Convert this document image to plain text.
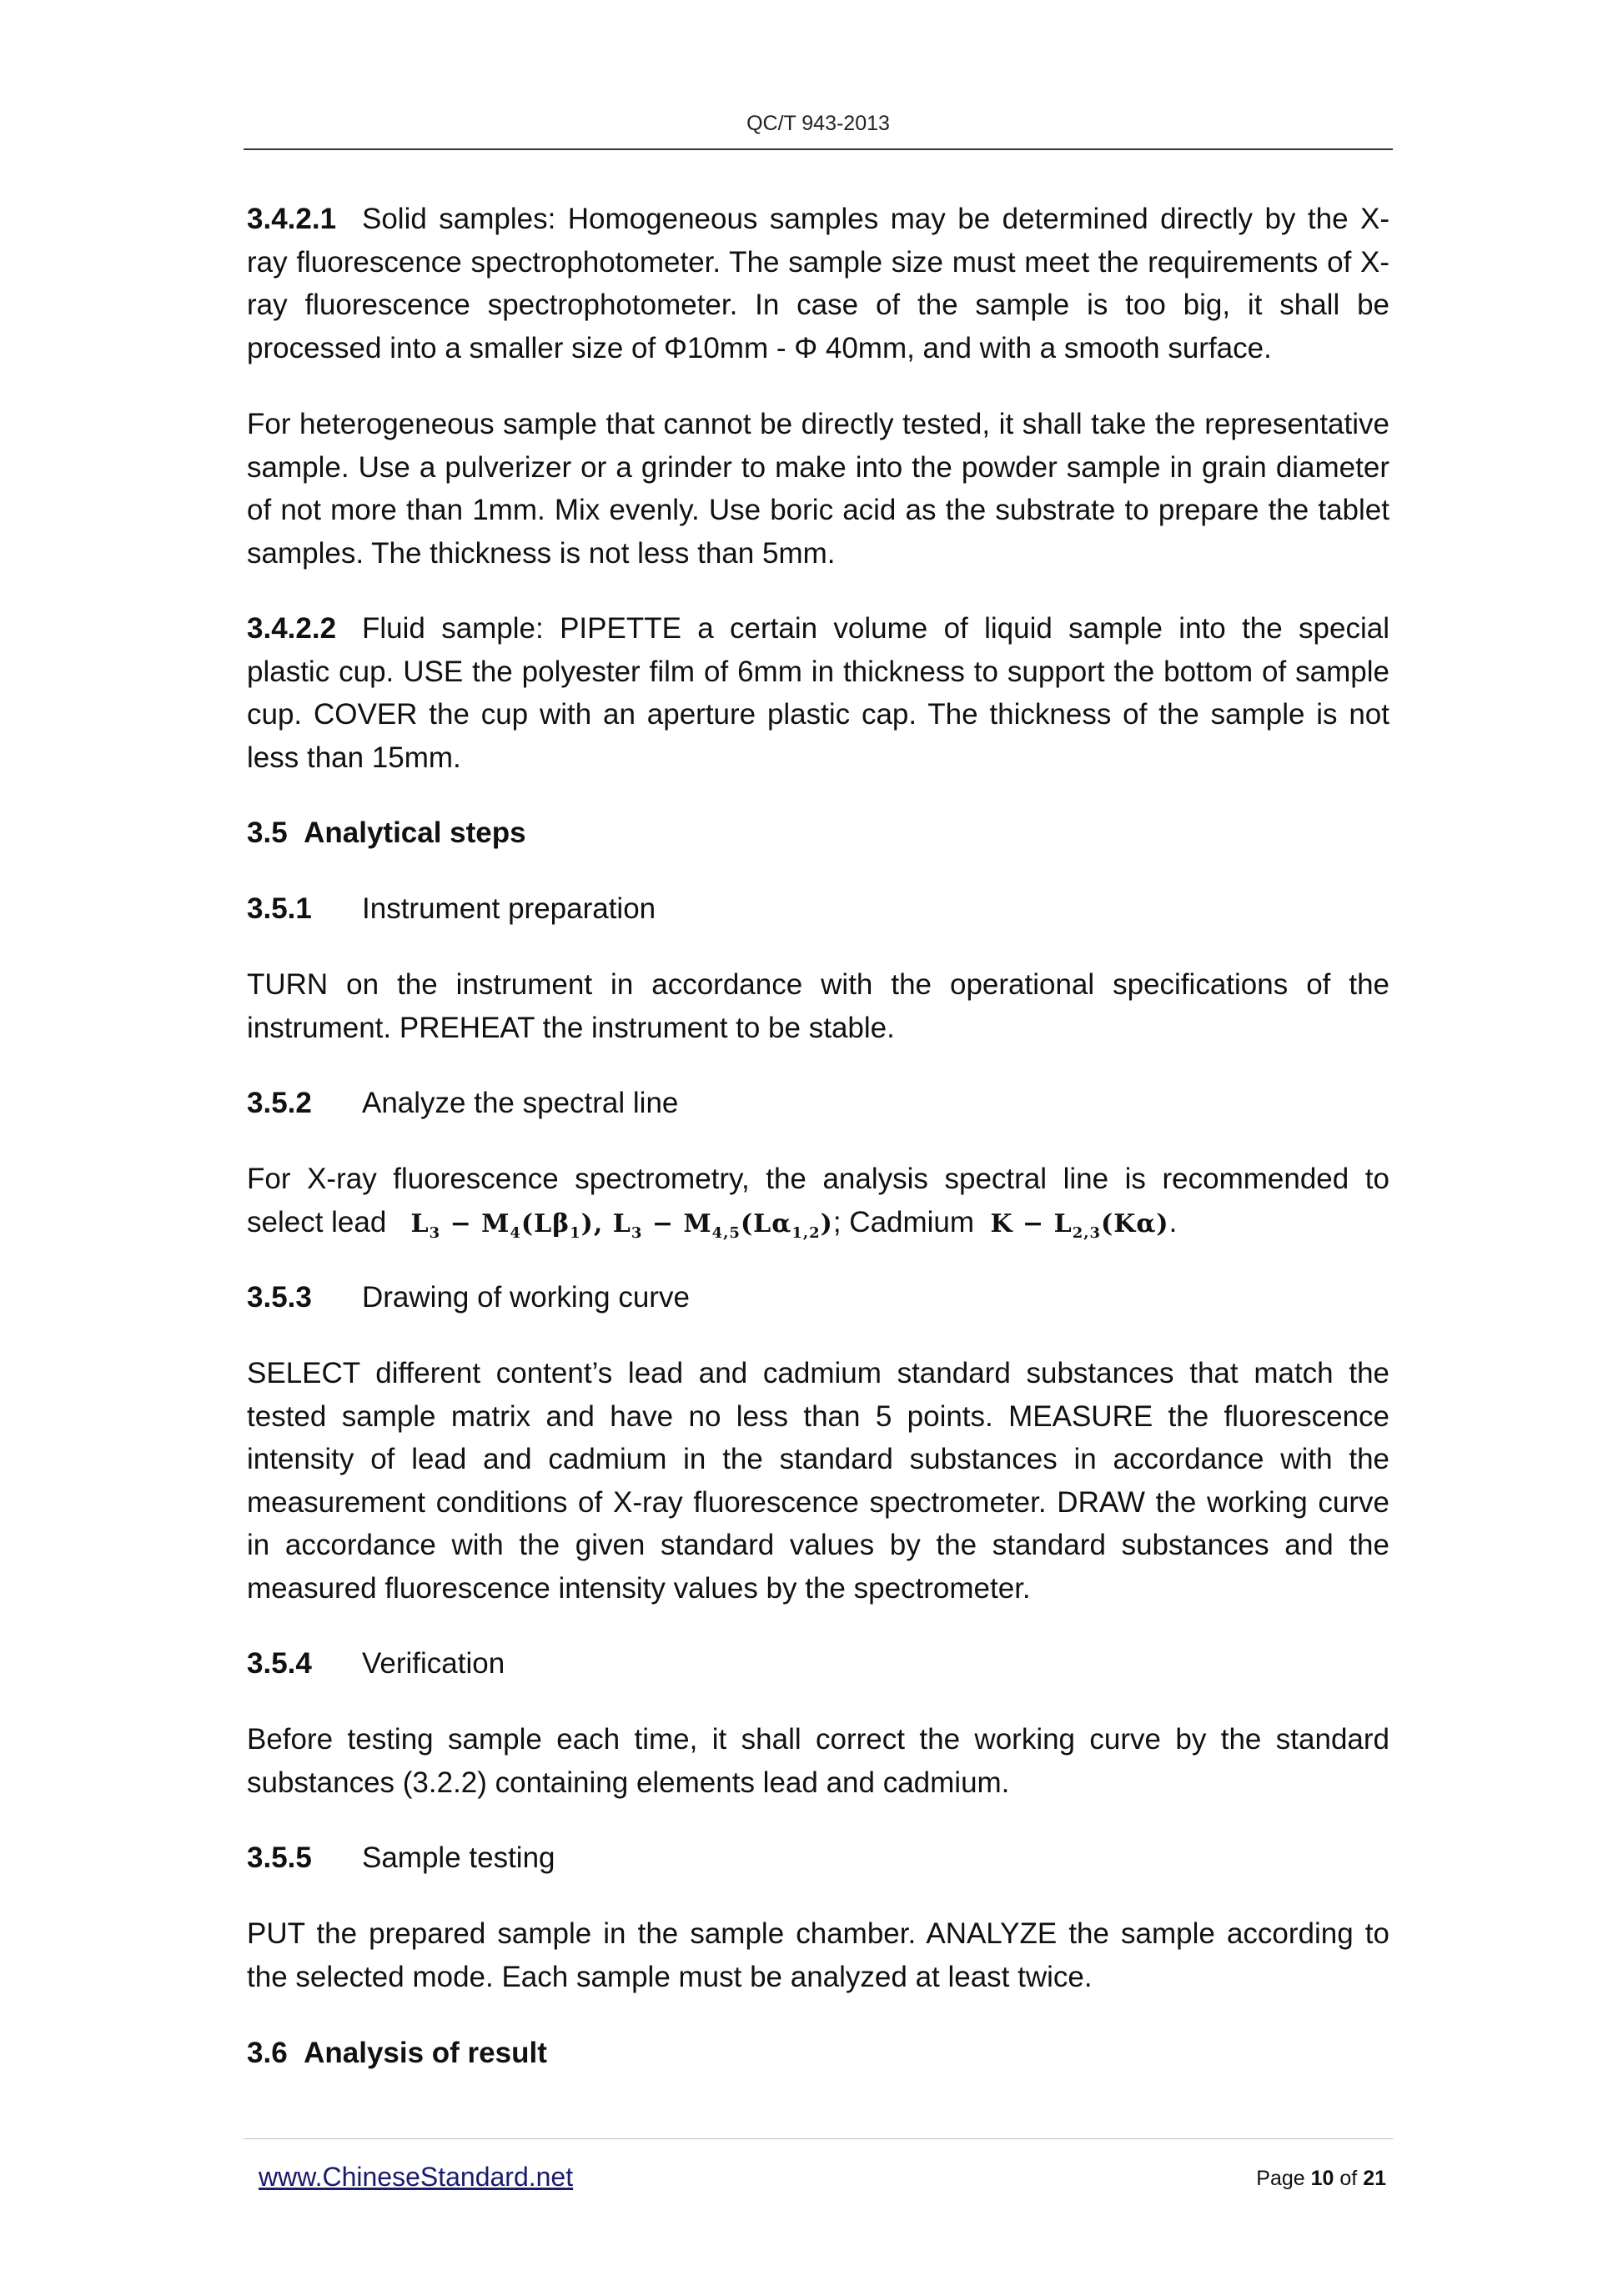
QC/T 943-2013

3.4.2.1 Solid samples: Homogeneous samples may be determined directly by the X-ray fluorescence spectrophotometer. The sample size must meet the requirements of X-ray fluorescence spectrophotometer. In case of the sample is too big, it shall be processed into a smaller size of Φ10mm - Φ 40mm, and with a smooth surface.

For heterogeneous sample that cannot be directly tested, it shall take the representative sample. Use a pulverizer or a grinder to make into the powder sample in grain diameter of not more than 1mm. Mix evenly. Use boric acid as the substrate to prepare the tablet samples. The thickness is not less than 5mm.

3.4.2.2 Fluid sample: PIPETTE a certain volume of liquid sample into the special plastic cup. USE the polyester film of 6mm in thickness to support the bottom of sample cup. COVER the cup with an aperture plastic cap. The thickness of the sample is not less than 15mm.

3.5 Analytical steps

3.5.1 Instrument preparation

TURN on the instrument in accordance with the operational specifications of the instrument. PREHEAT the instrument to be stable.

3.5.2 Analyze the spectral line

For X-ray fluorescence spectrometry, the analysis spectral line is recommended to select lead $L_3 - M_4(L\beta_1)$, $L_3 - M_{4,5}(L\alpha_{1,2})$; Cadmium $K - L_{2,3}(K\alpha)$.

3.5.3 Drawing of working curve

SELECT different content’s lead and cadmium standard substances that match the tested sample matrix and have no less than 5 points. MEASURE the fluorescence intensity of lead and cadmium in the standard substances in accordance with the measurement conditions of X-ray fluorescence spectrometer. DRAW the working curve in accordance with the given standard values by the standard substances and the measured fluorescence intensity values by the spectrometer.

3.5.4 Verification

Before testing sample each time, it shall correct the working curve by the standard substances (3.2.2) containing elements lead and cadmium.

3.5.5 Sample testing

PUT the prepared sample in the sample chamber. ANALYZE the sample according to the selected mode. Each sample must be analyzed at least twice.

3.6 Analysis of result

www.ChineseStandard.net	Page 10 of 21
